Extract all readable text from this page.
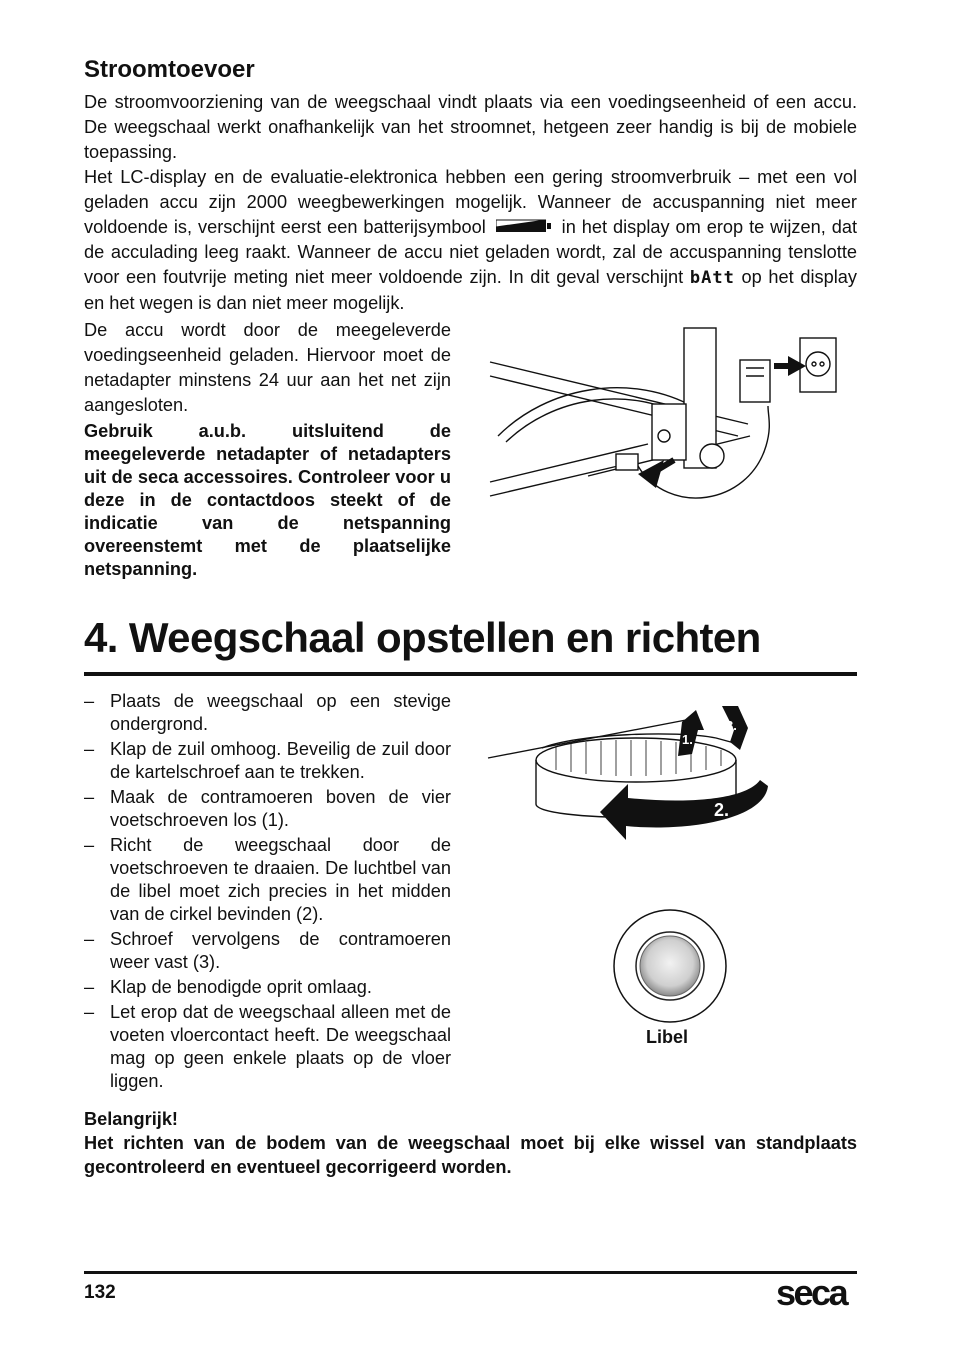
Stroomtoevoer

De stroomvoorziening van de weegschaal vindt plaats via een voedingseenheid of een accu. De weegschaal werkt onafhankelijk van het stroomnet, hetgeen zeer handig is bij de mobiele toepassing.

Het LC-display en de evaluatie-elektronica hebben een gering stroomverbruik – met een vol geladen accu zijn 2000 weegbewerkingen mogelijk. Wanneer de accuspanning niet meer voldoende is, verschijnt eerst een batterijsymbool	in het display om erop te wijzen, dat de acculading leeg raakt. Wanneer de accu niet geladen wordt, zal de accuspanning tenslotte voor een foutvrije meting niet meer voldoende zijn. In dit geval verschijnt bAtt op het display en het wegen is dan niet meer mogelijk.

De accu wordt door de meegeleverde voedingseenheid geladen. Hiervoor moet de netadapter minstens 24 uur aan het net zijn aangesloten.

Gebruik a.u.b. uitsluitend de meegeleverde netadapter of netadapters uit de seca accessoires. Controleer voor u deze in de contactdoos steekt of de indicatie van de netspanning overeenstemt met de plaatselijke netspanning.

4. Weegschaal opstellen en richten
– Plaats de weegschaal op een stevige ondergrond.
– Klap de zuil omhoog. Beveilig de zuil door de kartelschroef aan te trekken.
– Maak de contramoeren boven de vier voetschroeven los (1).
– Richt de weegschaal door de voetschroeven te draaien. De luchtbel van de libel moet zich precies in het midden van de cirkel bevinden (2).
– Schroef vervolgens de contramoeren weer vast (3).
– Klap de benodigde oprit omlaag.
– Let erop dat de weegschaal alleen met de voeten vloercontact heeft. De weegschaal mag op geen enkele plaats op de vloer liggen.
2.
1.
3.
Libel

Belangrijk!

Het richten van de bodem van de weegschaal moet bij elke wissel van standplaats gecontroleerd en eventueel gecorrigeerd worden.

132	seca
